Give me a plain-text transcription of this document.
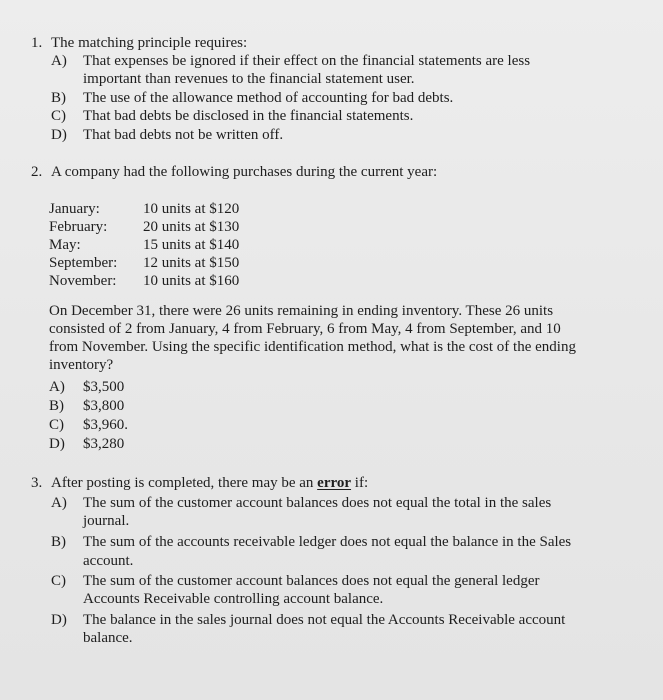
1. The matching principle requires:
A) That expenses be ignored if their effect on the financial statements are less
important than revenues to the financial statement user.
B) The use of the allowance method of accounting for bad debts.
C) That bad debts be disclosed in the financial statements.
D) That bad debts not be written off.
2. A company had the following purchases during the current year:
January:	10 units at $120
February: 20 units at $130
May:	15 units at $140
September: 12 units at $150
November: 10 units at $160
On December 31, there were 26 units remaining in ending inventory. These 26 units
consisted of 2 from January, 4 from February, 6 from May, 4 from September, and 10
from November. Using the specific identification method, what is the cost of the ending
inventory?
A) $3,500
B) $3,800
C) $3,960.
D) $3,280
3. After posting is completed, there may be an error if:
A) The sum of the customer account balances does not equal the total in the sales
journal.
B) The sum of the accounts receivable ledger does not equal the balance in the Sales
account.
C) The sum of the customer account balances does not equal the general ledger
Accounts Receivable controlling account balance.
D) The balance in the sales journal does not equal the Accounts Receivable account
balance.
